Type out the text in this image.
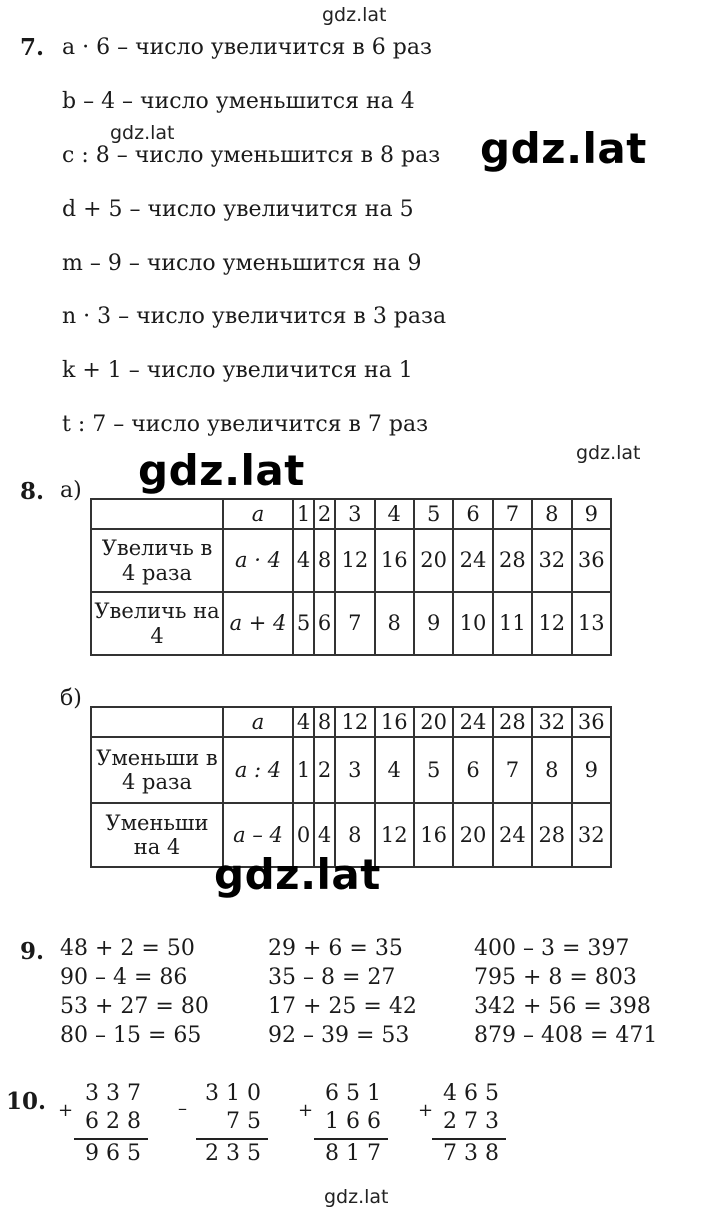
gdz.lat
gdz.lat	gdz.lat
gdz.lat
gdz.lat
gdz.lat
gdz.lat
7. a · 6 – число увеличится в 6 раз
b – 4 – число уменьшится на 4
c : 8 – число уменьшится в 8 раз
d + 5 – число увеличится на 5
m – 9 – число уменьшится на 9
n · 3 – число увеличится в 3 раза
k + 1 – число увеличится на 1
t : 7 – число увеличится в 7 раз
8. а)
	a	1	2	3	4	5	6	7	8	9
Увеличь в 4 раза	a · 4	4	8	12	16	20	24	28	32	36
Увеличь на 4	a + 4	5	6	7	8	9	10	11	12	13
б)
	a	4	8	12	16	20	24	28	32	36
Уменьши в 4 раза	a : 4	1	2	3	4	5	6	7	8	9
Уменьши на 4	a – 4	0	4	8	12	16	20	24	28	32
9. 48 + 2 = 50
90 – 4 = 86
53 + 27 = 80
80 – 15 = 65
29 + 6 = 35
35 – 8 = 27
17 + 25 = 42
92 – 39 = 53
400 – 3 = 397
795 + 8 = 803
342 + 56 = 398
879 – 408 = 471
10. +
337
628
965
–
310
75
235
+
651
166
817
+
465
273
738
